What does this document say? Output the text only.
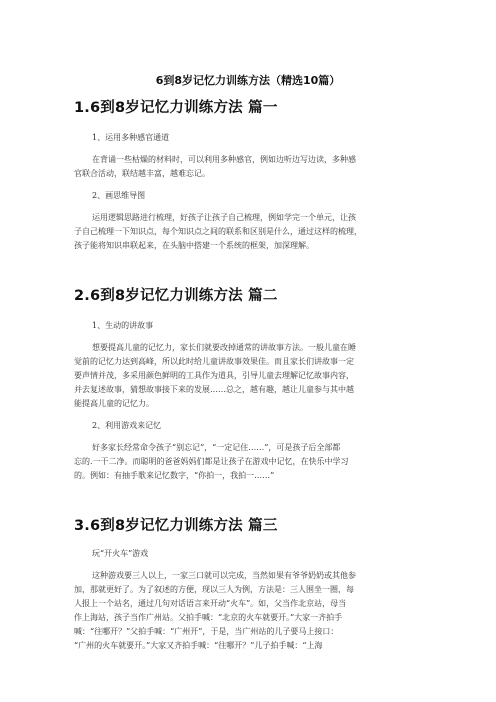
6到8岁记忆力训练方法（精选10篇）
1.6到8岁记忆力训练方法 篇一
1、运用多种感官通道
在背诵一些枯燥的材料时，可以利用多种感官，例如边听边写边读，多种感
官联合活动，联结越丰富，越难忘记。
2、画思维导图
运用逻辑思路进行梳理，好孩子让孩子自己梳理，例如学完一个单元，让孩
子自己梳理一下知识点，每个知识点之间的联系和区别是什么，通过这样的梳理，
孩子能将知识串联起来，在头脑中搭建一个系统的框架，加深理解。
2.6到8岁记忆力训练方法 篇二
1、生动的讲故事
想要提高儿童的记忆力，家长们就要改掉通常的讲故事方法。一般儿童在睡
觉前的记忆力达到高峰，所以此时给儿童讲故事效果佳。而且家长们讲故事一定
要声情并茂，多采用颜色鲜明的工具作为道具，引导儿童去理解记忆故事内容，
并去复述故事，猜想故事接下来的发展……总之，越有趣，越让儿童参与其中越
能提高儿童的记忆力。
2、利用游戏来记忆
好多家长经常命令孩子“别忘记”，“一定记住……”，可是孩子后全部都
忘的.一干二净。而聪明的爸爸妈妈们都是让孩子在游戏中记忆，在快乐中学习
的。例如：有抽手歌来记忆数字，“你拍一，我拍一……”
3.6到8岁记忆力训练方法 篇三
玩“开火车”游戏
这种游戏要三人以上，一家三口就可以完成，当然如果有爷爷奶奶或其他参
加，那就更好了。为了叙述的方便，现以三人为例，方法是：三人围坐一圈，每
人报上一个站名，通过几句对话语言来开动“火车”。如，父当作北京站，母当
作上海站，孩子当作广州站。父拍手喊：“北京的火车就要开。”大家一齐拍手
喊：“往哪开？”父拍手喊：“广州开”，于是，当广州站的儿子要马上接口：
“广州的火车就要开。”大家又齐拍手喊：“往哪开？”儿子拍手喊：“上海
